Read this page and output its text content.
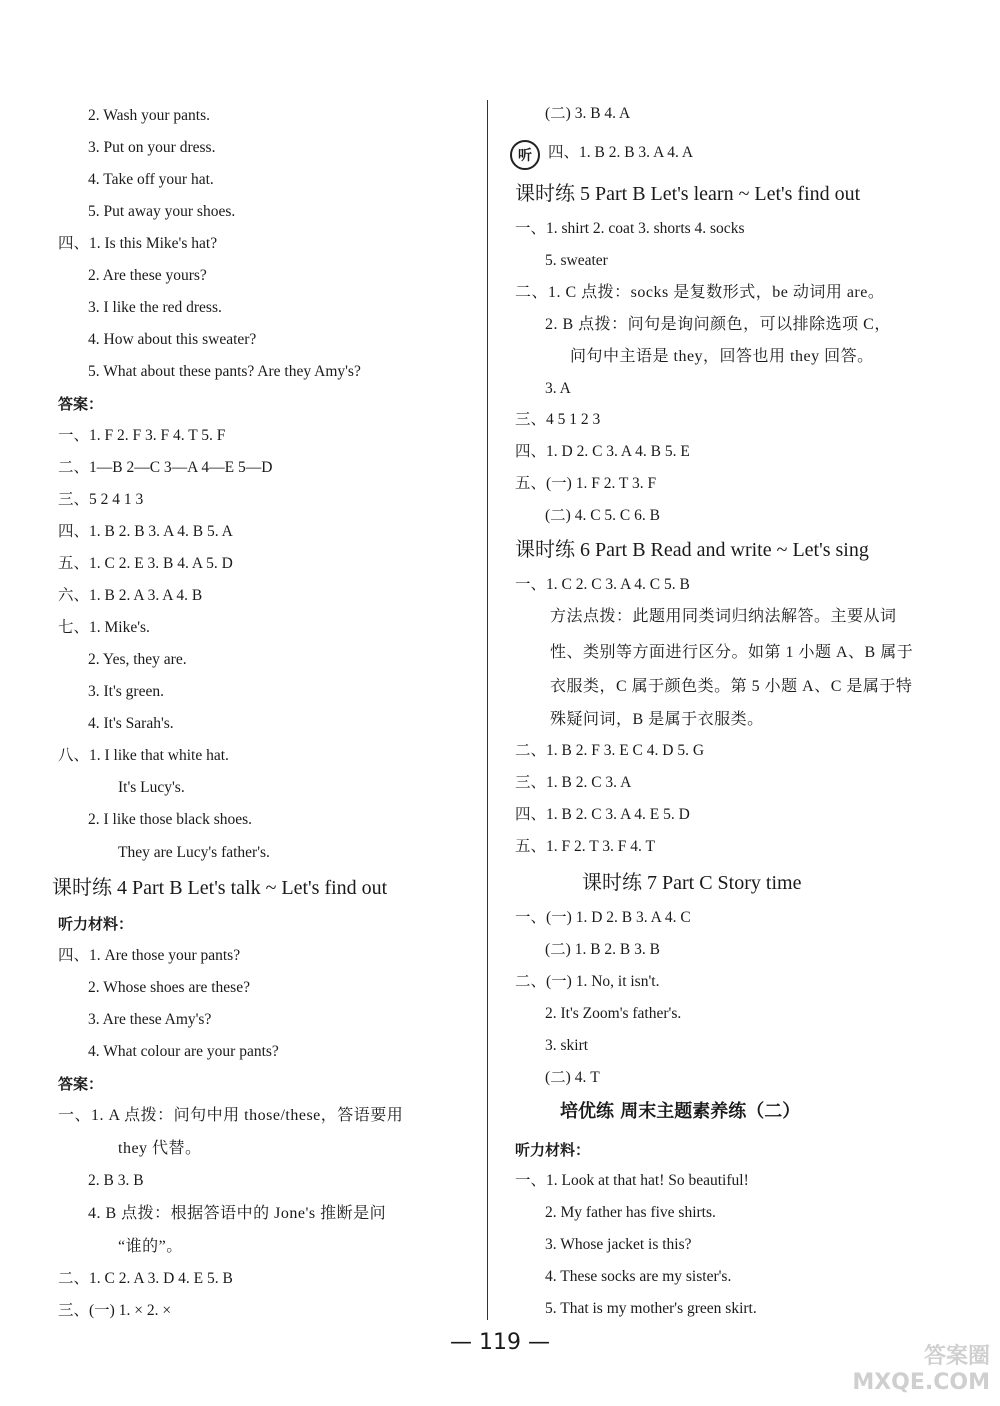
听
2. Wash your pants.
3. Put on your dress.
4. Take off your hat.
5. Put away your shoes.
四、1. Is this Mike's hat?
2. Are these yours?
3. I like the red dress.
4. How about this sweater?
5. What about these pants? Are they Amy's?
答案：
一、1. F 2. F 3. F 4. T 5. F
二、1—B 2—C 3—A 4—E 5—D
三、5 2 4 1 3
四、1. B 2. B 3. A 4. B 5. A
五、1. C 2. E 3. B 4. A 5. D
六、1. B 2. A 3. A 4. B
七、1. Mike's.
2. Yes, they are.
3. It's green.
4. It's Sarah's.
八、1. I like that white hat.
It's Lucy's.
2. I like those black shoes.
They are Lucy's father's.
课时练 4 Part B Let's talk ~ Let's find out
听力材料：
四、1. Are those your pants?
2. Whose shoes are these?
3. Are these Amy's?
4. What colour are your pants?
答案：
一、1. A 点拨：问句中用 those/these，答语要用
they 代替。
2. B 3. B
4. B 点拨：根据答语中的 Jone's 推断是问
“谁的”。
二、1. C 2. A 3. D 4. E 5. B
三、(一) 1. × 2. ×
(二) 3. B 4. A
四、1. B 2. B 3. A 4. A
课时练 5 Part B Let's learn ~ Let's find out
一、1. shirt 2. coat 3. shorts 4. socks
5. sweater
二、1. C 点拨：socks 是复数形式，be 动词用 are。
2. B 点拨：问句是询问颜色，可以排除选项 C，
问句中主语是 they，回答也用 they 回答。
3. A
三、4 5 1 2 3
四、1. D 2. C 3. A 4. B 5. E
五、(一) 1. F 2. T 3. F
(二) 4. C 5. C 6. B
课时练 6 Part B Read and write ~ Let's sing
一、1. C 2. C 3. A 4. C 5. B
方法点拨：此题用同类词归纳法解答。主要从词
性、类别等方面进行区分。如第 1 小题 A、B 属于
衣服类，C 属于颜色类。第 5 小题 A、C 是属于特
殊疑问词，B 是属于衣服类。
二、1. B 2. F 3. E C 4. D 5. G
三、1. B 2. C 3. A
四、1. B 2. C 3. A 4. E 5. D
五、1. F 2. T 3. F 4. T
课时练 7 Part C Story time
一、(一) 1. D 2. B 3. A 4. C
(二) 1. B 2. B 3. B
二、(一) 1. No, it isn't.
2. It's Zoom's father's.
3. skirt
(二) 4. T
培优练 周末主题素养练（二）
听力材料：
一、1. Look at that hat! So beautiful!
2. My father has five shirts.
3. Whose jacket is this?
4. These socks are my sister's.
5. That is my mother's green skirt.
— 119 —
答案圈
MXQE.COM
